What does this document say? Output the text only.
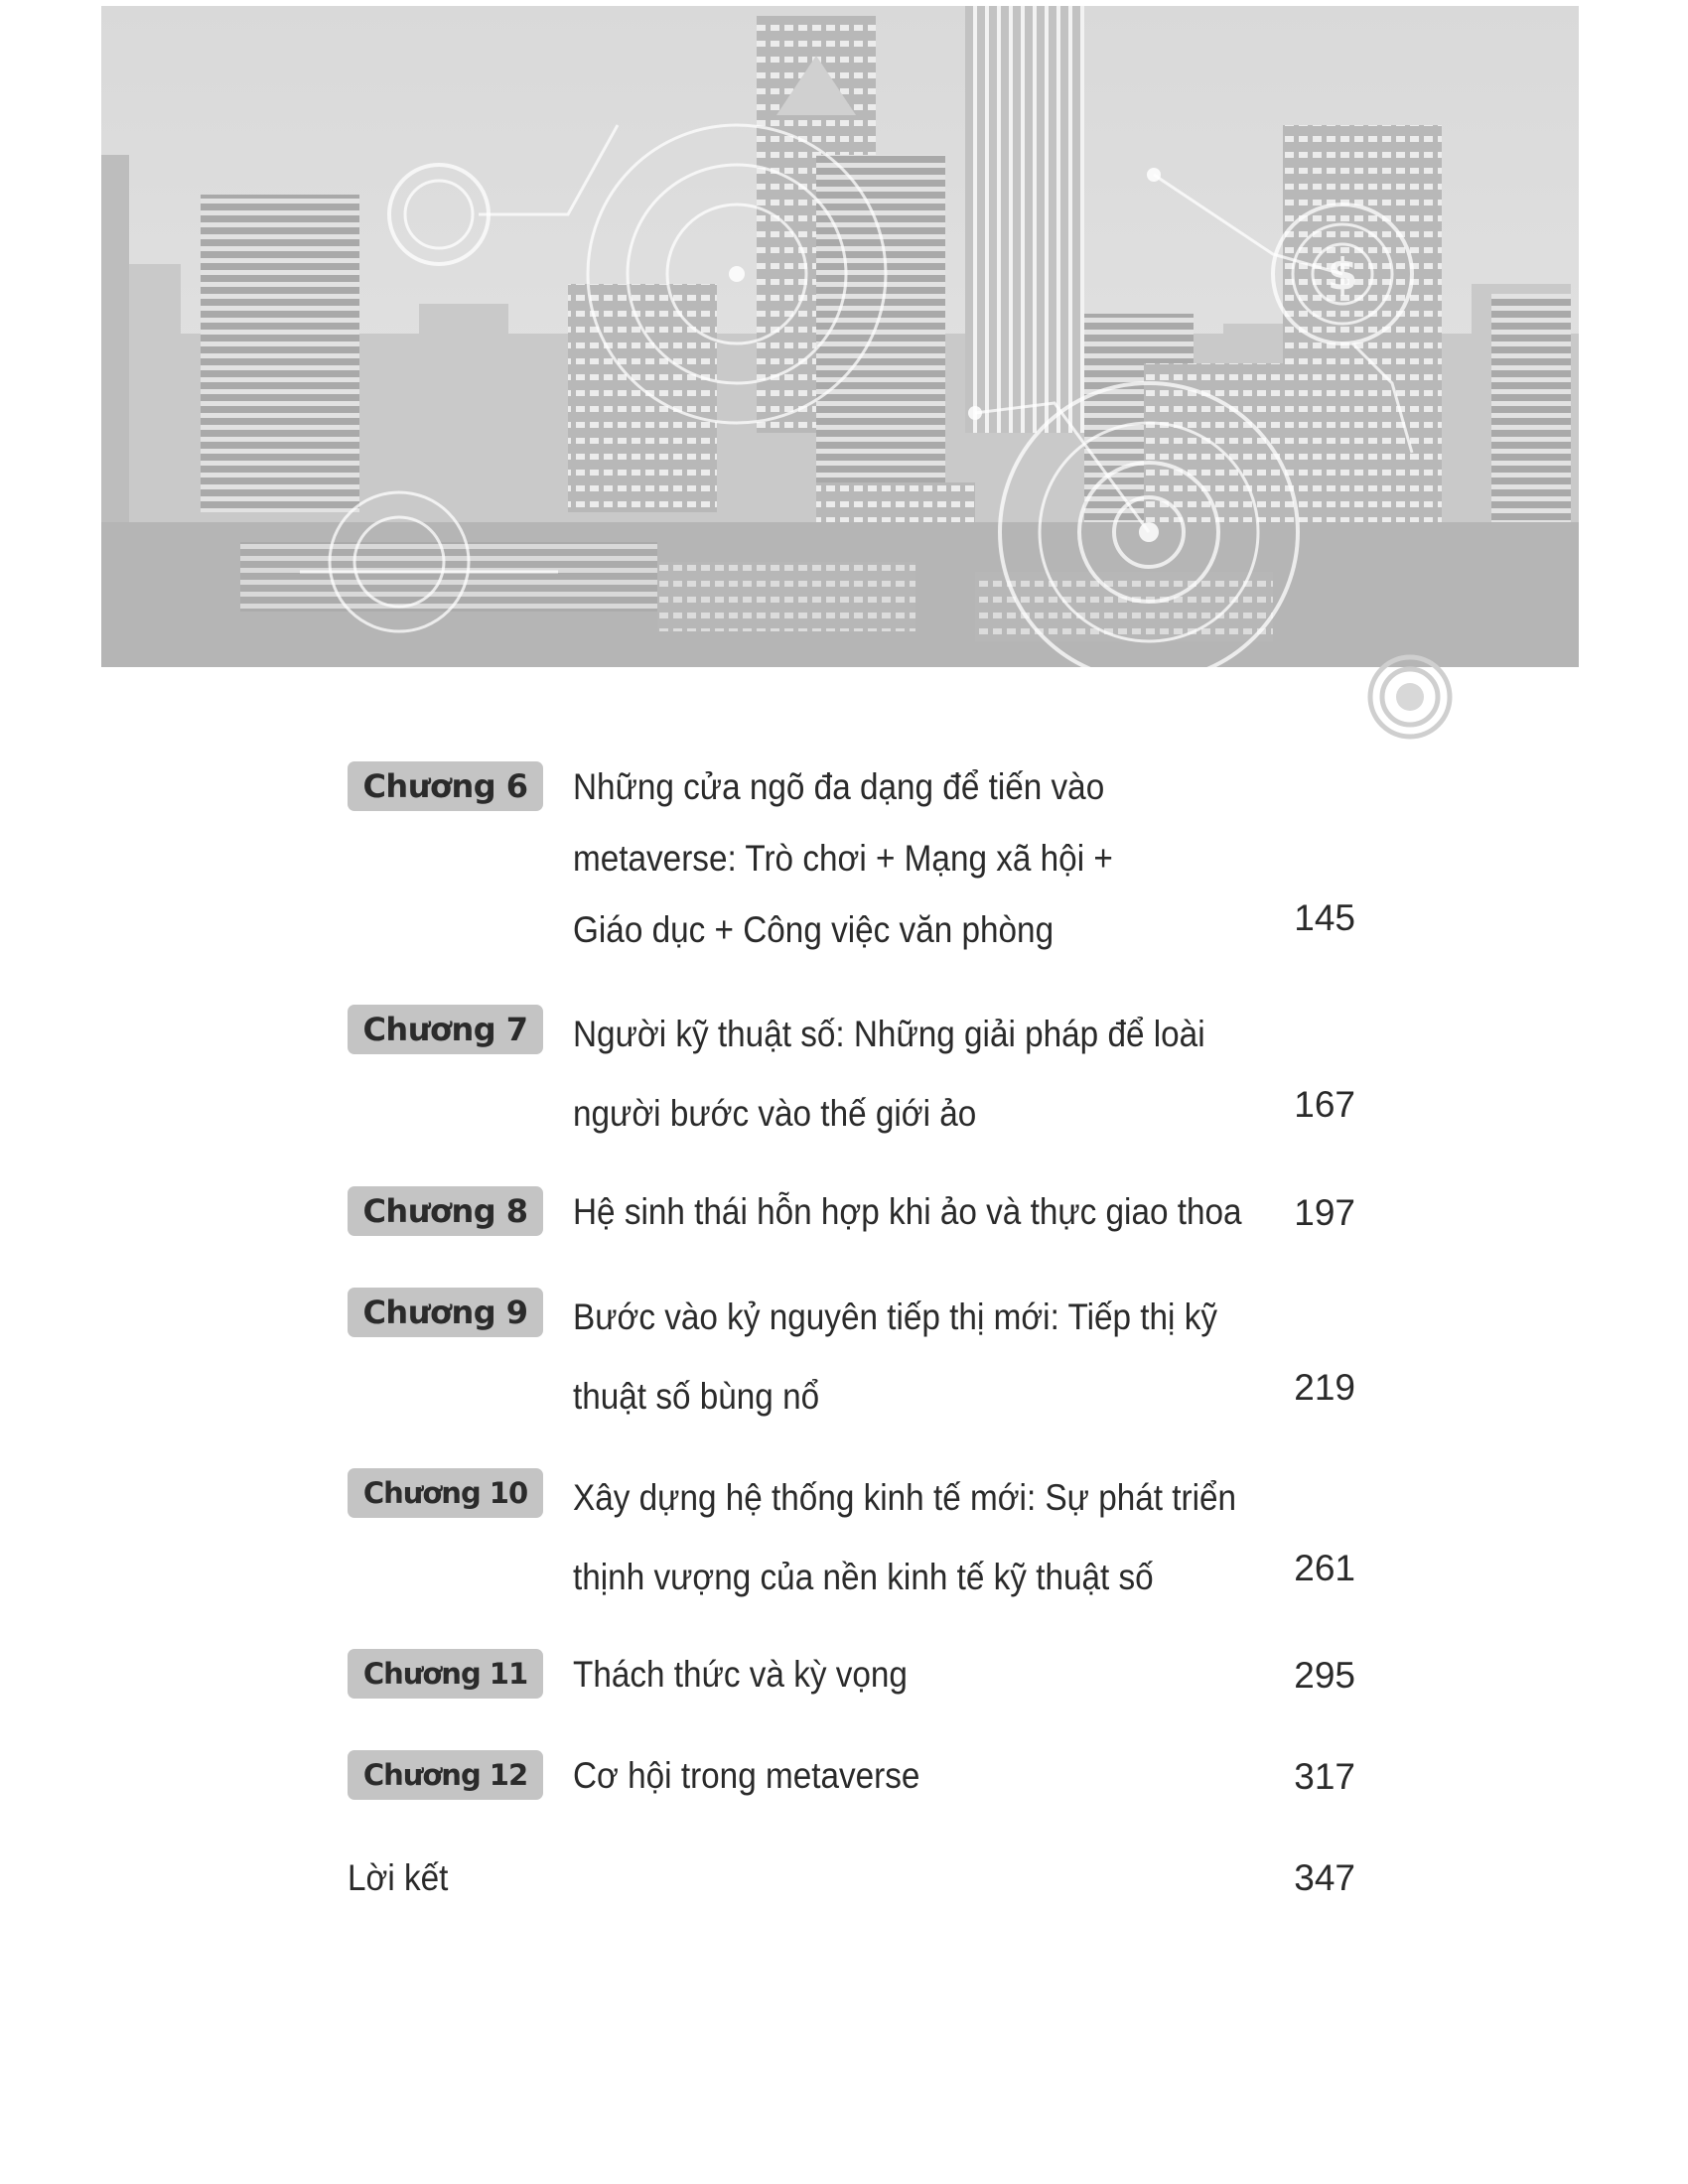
$
Chương 6	Những cửa ngõ đa dạng để tiến vào
metaverse: Trò chơi + Mạng xã hội +
Giáo dục + Công việc văn phòng	145
Chương 7	Người kỹ thuật số: Những giải pháp để loài
người bước vào thế giới ảo	167
Chương 8	Hệ sinh thái hỗn hợp khi ảo và thực giao thoa	197
Chương 9	Bước vào kỷ nguyên tiếp thị mới: Tiếp thị kỹ
thuật số bùng nổ	219
Chương 10	Xây dựng hệ thống kinh tế mới: Sự phát triển
thịnh vượng của nền kinh tế kỹ thuật số	261
Chương 11	Thách thức và kỳ vọng	295
Chương 12	Cơ hội trong metaverse	317
Lời kết	347
